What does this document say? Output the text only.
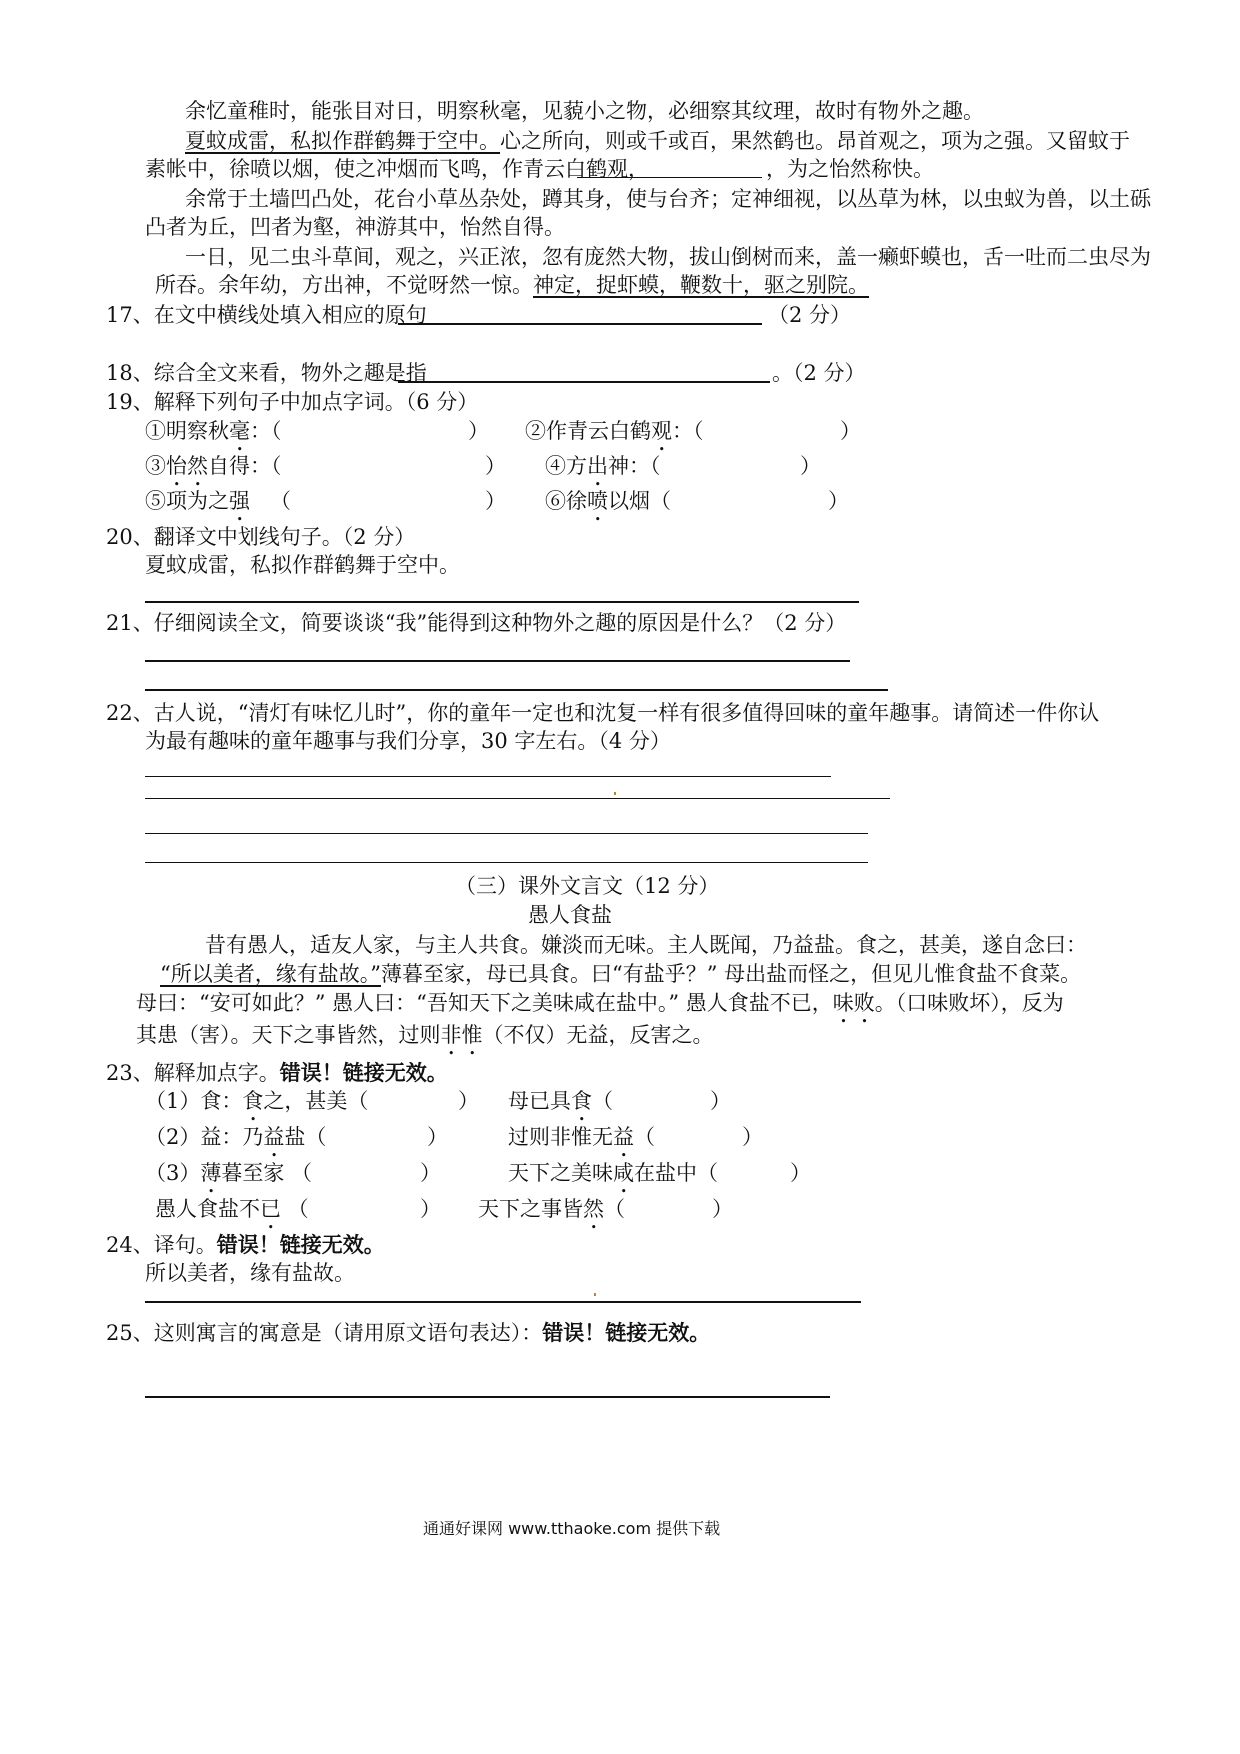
余忆童稚时，能张目对日，明察秋毫，见藐小之物，必细察其纹理，故时有物 外之趣。
夏蚊成雷，私拟作群鹤舞于空中。心之所向，则或千或百，果然鹤也。昂首观之，项为之强。又留蚊于
素帐中，徐喷以烟，使之冲烟而飞鸣，作青云白鹤观，	，为之怡然称快。
余常于土墙凹凸处，花台小草丛杂处，蹲其身，使与台齐；定神细视，以丛草为林，以虫蚁为兽，以土砾
凸者为丘，凹者为壑，神游其中，怡然自得。
一日，见二虫斗草间，观之，兴正浓，忽有庞然大物，拔山倒树而来，盖一癞虾蟆也，舌一吐而二虫尽为
所吞。余年幼，方出神，不觉呀然一惊。神定，捉虾蟆，鞭数十，驱之别院。
17、在文中横线处填入相应的原句	（2 分）
18、综合全文来看，物外之趣是指	。（2 分）
19、解释下列句子中加点字词。（6 分）
①明察秋毫：（	） ②作青云白鹤观：（	）
③怡然自得：（	） ④方出神：（	）
⑤项为之强 （	） ⑥徐喷以烟 （	）
20、翻译文中划线句子。（2 分）
夏蚊成雷，私拟作群鹤舞于空中。
21、仔细阅读全文，简要谈谈“我”能得到这种物外之趣的原因是什么？（2 分）
22、古人说，“清灯有味忆儿时”，你的童年一定也和沈复一样有很多值得回味的童年趣事。请简述一件你认
为最有趣味的童年趣事与我们分享，30 字左右。（4 分）
（三）课外文言文（12 分）
愚人食盐
昔有愚人，适友人家，与主人共食。嫌淡而无味。主人既闻，乃益盐。食之，甚美，遂自念曰：
“所以美者，缘有盐故。”薄暮至家，母已具食。曰“有盐乎？” 母出盐而怪之，但见儿惟食盐不食菜。
母曰：“安可如此？” 愚人曰：“吾知天下之美味咸在盐中。” 愚人食盐不已，味败。（口味败坏），反为
其患（害）。天下之事皆然，过则非惟（不仅）无益，反害之。
23、解释加点字。错误！链接无效。
（1）食：食之，甚美（	） 母已具食（	）
（2）益：乃益盐（	）	过则非惟无益（	）
（3）薄暮至家 （	）	天下之美味咸在盐中（	）
愚人食盐不已 （	） 天下之事皆然（	）
24、译句。错误！链接无效。
所以美者，缘有盐故。
25、这则寓言的寓意是（请用原文语句表达）：错误！链接无效。
通通好课网 www.tthaoke.com 提供下载
